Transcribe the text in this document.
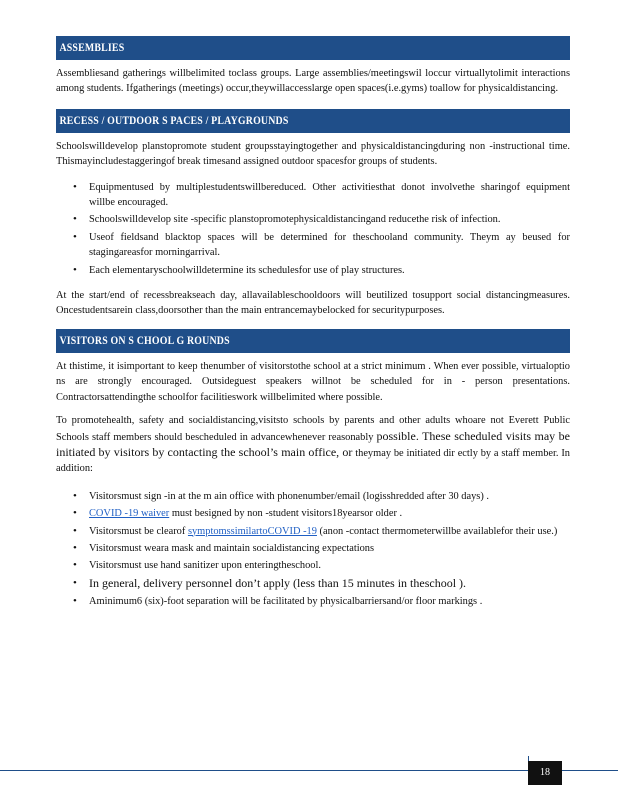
ASSEMBLIES

Assembliesand gatherings willbelimited toclass groups. Large assemblies/meetingswil loccur virtuallytolimit interactions among students. Ifgatherings (meetings) occur,theywillaccesslarge open spaces(i.e.gyms) toallow for physicaldistancing.

RECESS / OUTDOOR S PACES / PLAYGROUNDS

Schoolswilldevelop planstopromote student groupsstayingtogether and physicaldistancingduring non -instructional time. Thismayincludestaggeringof break timesand assigned outdoor spacesfor groups of students.

• Equipmentused by multiplestudentswillbereduced. Other activitiesthat donot involvethe sharingof equipment willbe encouraged.
• Schoolswilldevelop site -specific planstopromotephysicaldistancingand reducethe risk of infection.
• Useof fieldsand blacktop spaces will be determined for theschooland community. Theym ay beused for stagingareasfor morningarrival.
• Each elementaryschoolwilldetermine its schedulesfor use of play structures.

At the start/end of recessbreakseach day, allavailableschooldoors will beutilized tosupport social distancingmeasures. Oncestudentsarein class,doorsother than the main entrancemaybelocked for securitypurposes.

VISITORS ON S CHOOL G ROUNDS

At thistime, it isimportant to keep thenumber of visitorstothe school at a strict minimum . When ever possible, virtualoptio ns are strongly encouraged. Outsideguest speakers willnot be scheduled for in - person presentations. Contractorsattendingthe schoolfor facilitieswork willbelimited where possible.

To promotehealth, safety and socialdistancing,visitsto schools by parents and other adults whoare not Everett Public Schools staff members should bescheduled in advancewhenever reasonably possible. These scheduled visits may be initiated by visitors by contacting the school’s main office, or theymay be initiated dir ectly by a staff member. In addition:

• Visitorsmust sign -in at the m ain office with phonenumber/email (logisshredded after 30 days) .
• COVID -19 waiver must besigned by non -student visitors18yearsor older .
• Visitorsmust be clearof symptomssimilartoCOVID -19 (anon -contact thermometerwillbe availablefor their use.)
• Visitorsmust weara mask and maintain socialdistancing expectations
• Visitorsmust use hand sanitizer upon enteringtheschool.
• In general, delivery personnel don’t apply (less than 15 minutes in theschool ).
• Aminimum6 (six)-foot separation will be facilitated by physicalbarriersand/or floor markings .
18
